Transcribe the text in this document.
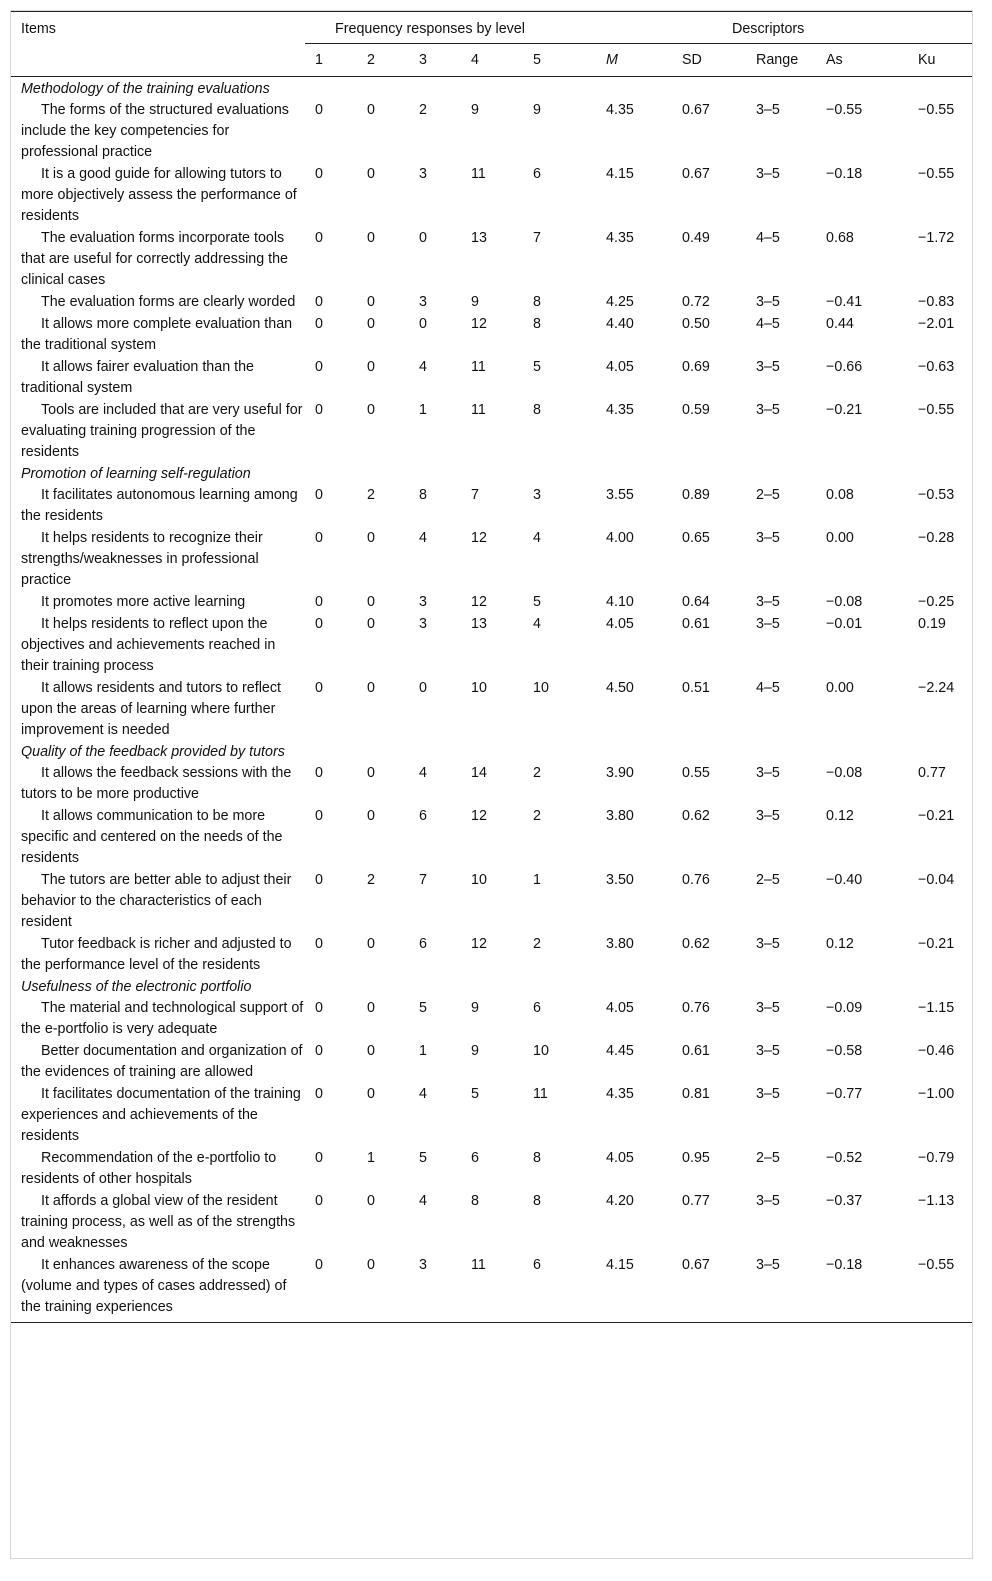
Items	Frequency responses by level					Descriptors				
	1	2	3	4	5	M	SD	Range	As	Ku
Methodology of the training evaluations										

The forms of the structured evaluations include the key competencies for professional practice	0	0	2	9	9	4.35	0.67	3–5	−0.55	−0.55

It is a good guide for allowing tutors to more objectively assess the performance of residents	0	0	3	11	6	4.15	0.67	3–5	−0.18	−0.55

The evaluation forms incorporate tools that are useful for correctly addressing the clinical cases	0	0	0	13	7	4.35	0.49	4–5	0.68	−1.72

The evaluation forms are clearly worded	0	0	3	9	8	4.25	0.72	3–5	−0.41	−0.83

It allows more complete evaluation than the traditional system	0	0	0	12	8	4.40	0.50	4–5	0.44	−2.01

It allows fairer evaluation than the traditional system	0	0	4	11	5	4.05	0.69	3–5	−0.66	−0.63

Tools are included that are very useful for evaluating training progression of the residents	0	0	1	11	8	4.35	0.59	3–5	−0.21	−0.55
Promotion of learning self-regulation										

It facilitates autonomous learning among the residents	0	2	8	7	3	3.55	0.89	2–5	0.08	−0.53

It helps residents to recognize their strengths/weaknesses in professional practice	0	0	4	12	4	4.00	0.65	3–5	0.00	−0.28

It promotes more active learning	0	0	3	12	5	4.10	0.64	3–5	−0.08	−0.25

It helps residents to reflect upon the objectives and achievements reached in their training process	0	0	3	13	4	4.05	0.61	3–5	−0.01	0.19

It allows residents and tutors to reflect upon the areas of learning where further improvement is needed	0	0	0	10	10	4.50	0.51	4–5	0.00	−2.24
Quality of the feedback provided by tutors										

It allows the feedback sessions with the tutors to be more productive	0	0	4	14	2	3.90	0.55	3–5	−0.08	0.77

It allows communication to be more specific and centered on the needs of the residents	0	0	6	12	2	3.80	0.62	3–5	0.12	−0.21

The tutors are better able to adjust their behavior to the characteristics of each resident	0	2	7	10	1	3.50	0.76	2–5	−0.40	−0.04

Tutor feedback is richer and adjusted to the performance level of the residents	0	0	6	12	2	3.80	0.62	3–5	0.12	−0.21
Usefulness of the electronic portfolio										

The material and technological support of the e-portfolio is very adequate	0	0	5	9	6	4.05	0.76	3–5	−0.09	−1.15

Better documentation and organization of the evidences of training are allowed	0	0	1	9	10	4.45	0.61	3–5	−0.58	−0.46

It facilitates documentation of the training experiences and achievements of the residents	0	0	4	5	11	4.35	0.81	3–5	−0.77	−1.00

Recommendation of the e-portfolio to residents of other hospitals	0	1	5	6	8	4.05	0.95	2–5	−0.52	−0.79

It affords a global view of the resident training process, as well as of the strengths and weaknesses	0	0	4	8	8	4.20	0.77	3–5	−0.37	−1.13

It enhances awareness of the scope (volume and types of cases addressed) of the training experiences	0	0	3	11	6	4.15	0.67	3–5	−0.18	−0.55
